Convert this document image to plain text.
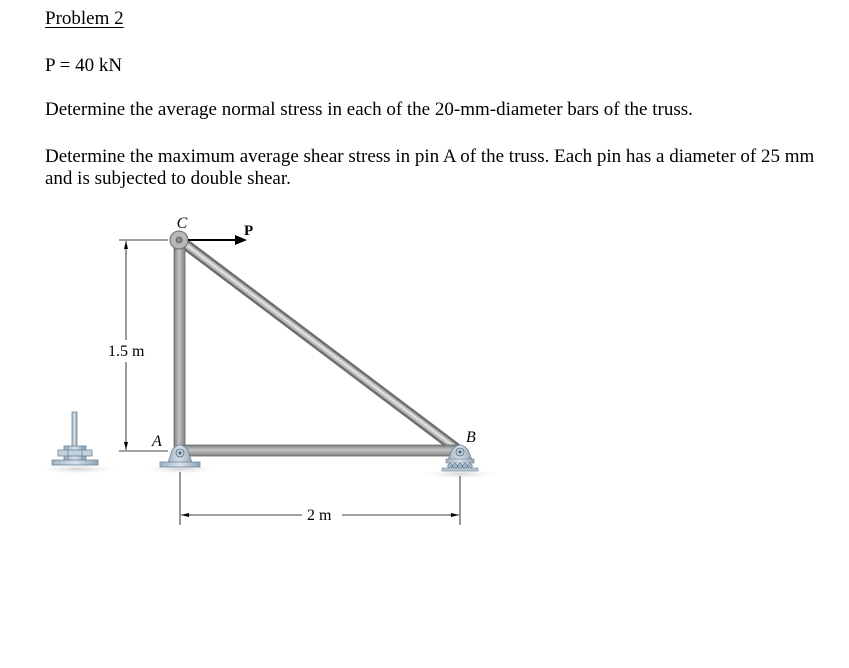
Problem 2
P = 40 kN
Determine the average normal stress in each of the 20-mm-diameter bars of the truss.
Determine the maximum average shear stress in pin A of the truss. Each pin has a diameter of 25 mm and is subjected to double shear.
C	P
A	B
1.5 m
2 m
